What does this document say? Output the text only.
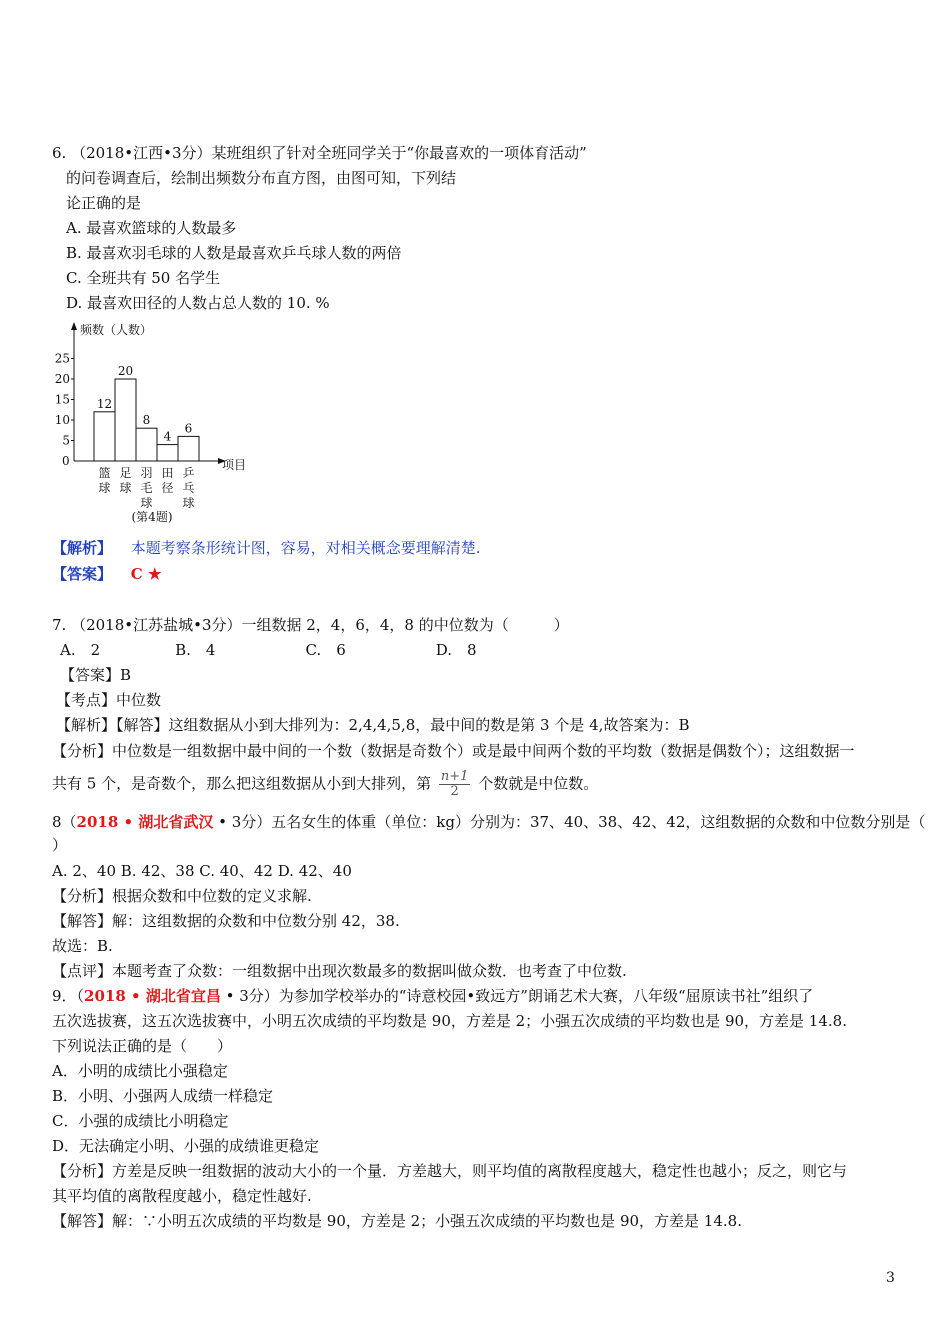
6. （2018•江西•3分）某班组织了针对全班同学关于“你最喜欢的一项体育活动”
的问卷调查后，绘制出频数分布直方图，由图可知，下列结
论正确的是
A. 最喜欢篮球的人数最多
B. 最喜欢羽毛球的人数是最喜欢乒乓球人数的两倍
C. 全班共有 50 名学生
D. 最喜欢田径的人数占总人数的 10. %
频数（人数）
项目
0
5
10
15
20
25
12
篮
球
20
足
球
8
羽
毛
球
4
田
径
6
乒
乓
球
(第4题)
【解析】 本题考察条形统计图，容易，对相关概念要理解清楚.
【答案】 C ★
7. （2018•江苏盐城•3分）一组数据 2，4，6，4，8 的中位数为（　　　）
A.　2　　　　　B.　4　　　　　　C.　6　　　　　　D.　8
【答案】B
【考点】中位数
【解析】【解答】这组数据从小到大排列为：2,4,4,5,8，最中间的数是第 3 个是 4,故答案为：B
【分析】中位数是一组数据中最中间的一个数（数据是奇数个）或是最中间两个数的平均数（数据是偶数个）；这组数据一
共有 5 个，是奇数个，那么把这组数据从小到大排列，第 $\frac{n+1}{2}$ 个数就是中位数。
8（2018 • 湖北省武汉 • 3分）五名女生的体重（单位：kg）分别为：37、40、38、42、42，这组数据的众数和中位数分别是（
）
A. 2、40 B. 42、38 C. 40、42 D. 42、40
【分析】根据众数和中位数的定义求解.
【解答】解：这组数据的众数和中位数分别 42，38.
故选：B.
【点评】本题考查了众数：一组数据中出现次数最多的数据叫做众数．也考查了中位数.
9．（2018 • 湖北省宜昌 • 3分）为参加学校举办的“诗意校园•致远方”朗诵艺术大赛，八年级“屈原读书社”组织了
五次选拔赛，这五次选拔赛中，小明五次成绩的平均数是 90，方差是 2；小强五次成绩的平均数也是 90，方差是 14.8.
下列说法正确的是（　　）
A．小明的成绩比小强稳定
B．小明、小强两人成绩一样稳定
C．小强的成绩比小明稳定
D．无法确定小明、小强的成绩谁更稳定
【分析】方差是反映一组数据的波动大小的一个量．方差越大，则平均值的离散程度越大，稳定性也越小；反之，则它与
其平均值的离散程度越小，稳定性越好.
【解答】解：∵小明五次成绩的平均数是 90，方差是 2；小强五次成绩的平均数也是 90，方差是 14.8.
3
